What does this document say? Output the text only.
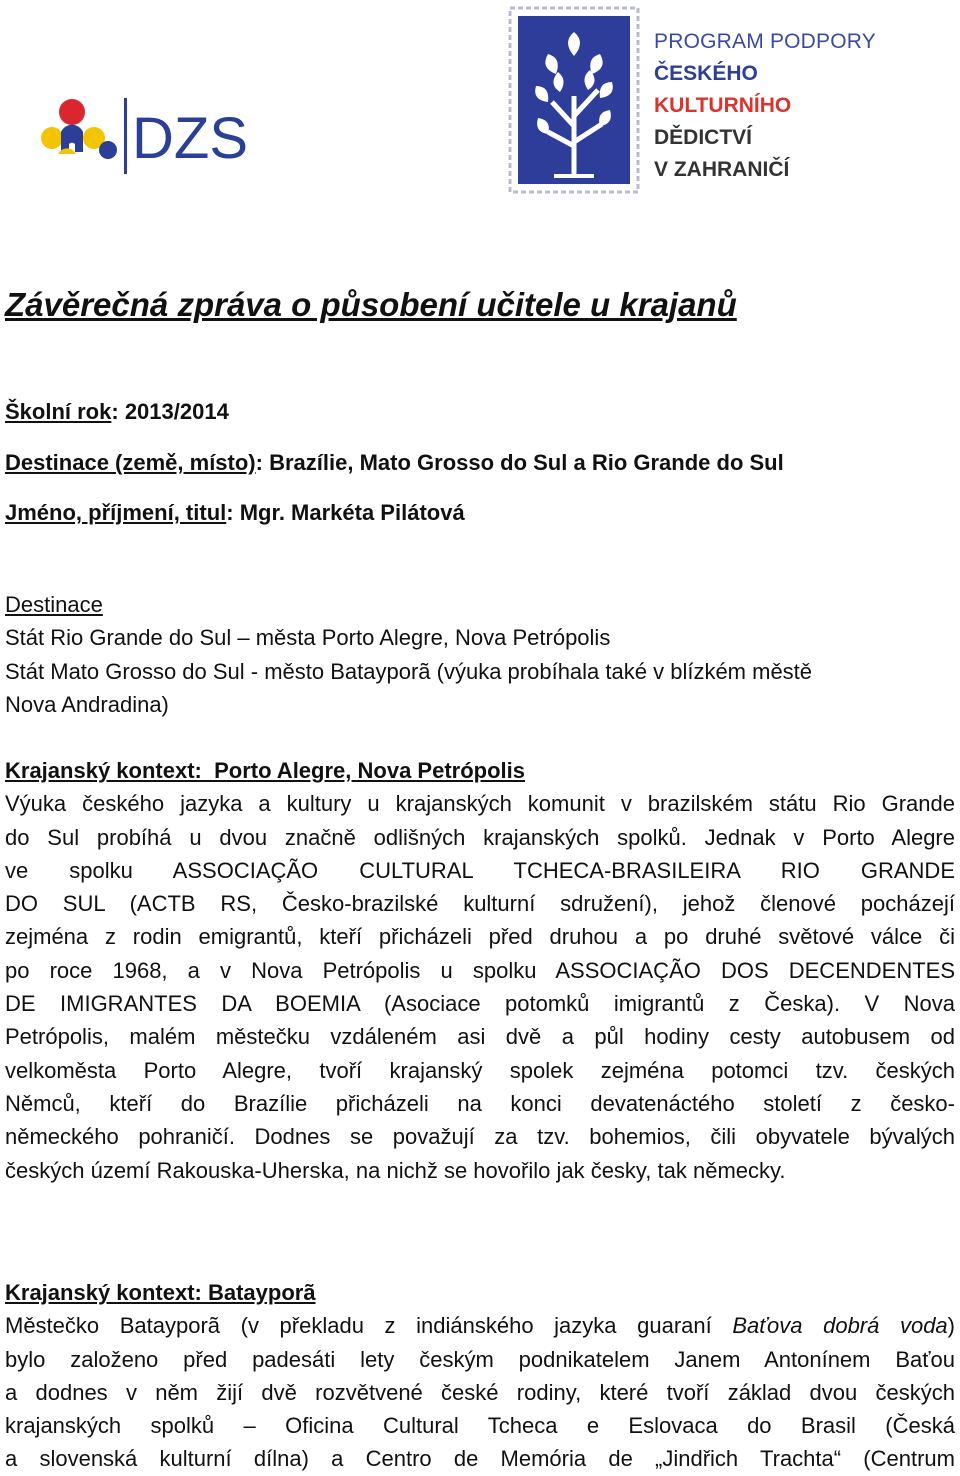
DZS
PROGRAM PODPORY
ČESKÉHO
KULTURNÍHO
DĚDICTVÍ
V ZAHRANIČÍ
Závěrečná zpráva o působení učitele u krajanů
Školní rok: 2013/2014
Destinace (země, místo): Brazílie, Mato Grosso do Sul a Rio Grande do Sul
Jméno, příjmení, titul: Mgr. Markéta Pilátová
Destinace
Stát Rio Grande do Sul – města Porto Alegre, Nova Petrópolis
Stát Mato Grosso do Sul - město Batayporã (výuka probíhala také v blízkém městě
Nova Andradina)
Krajanský kontext:  Porto Alegre, Nova Petrópolis
Výuka českého jazyka a kultury u krajanských komunit v brazilském státu Rio Grande
do Sul probíhá u dvou značně odlišných krajanských spolků. Jednak v Porto Alegre
ve spolku ASSOCIAÇÃO CULTURAL TCHECA-BRASILEIRA RIO GRANDE
DO SUL (ACTB RS, Česko-brazilské kulturní sdružení), jehož členové pocházejí
zejména z rodin emigrantů, kteří přicházeli před druhou a po druhé světové válce či
po roce 1968, a v Nova Petrópolis u spolku ASSOCIAÇÃO DOS DECENDENTES
DE IMIGRANTES DA BOEMIA (Asociace potomků imigrantů z Česka). V Nova
Petrópolis, malém městečku vzdáleném asi dvě a půl hodiny cesty autobusem od
velkoměsta Porto Alegre, tvoří krajanský spolek zejména potomci tzv. českých
Němců, kteří do Brazílie přicházeli na konci devatenáctého století z česko-
německého pohraničí. Dodnes se považují za tzv. bohemios, čili obyvatele bývalých
českých území Rakouska-Uherska, na nichž se hovořilo jak česky, tak německy.
Krajanský kontext: Batayporã
Městečko Batayporã (v překladu z indiánského jazyka guaraní Baťova dobrá voda)
bylo založeno před padesáti lety českým podnikatelem Janem Antonínem Baťou
a dodnes v něm žijí dvě rozvětvené české rodiny, které tvoří základ dvou českých
krajanských spolků – Oficina Cultural Tcheca e Eslovaca do Brasil (Česká
a slovenská kulturní dílna) a Centro de Memória de „Jindřich Trachta“ (Centrum
